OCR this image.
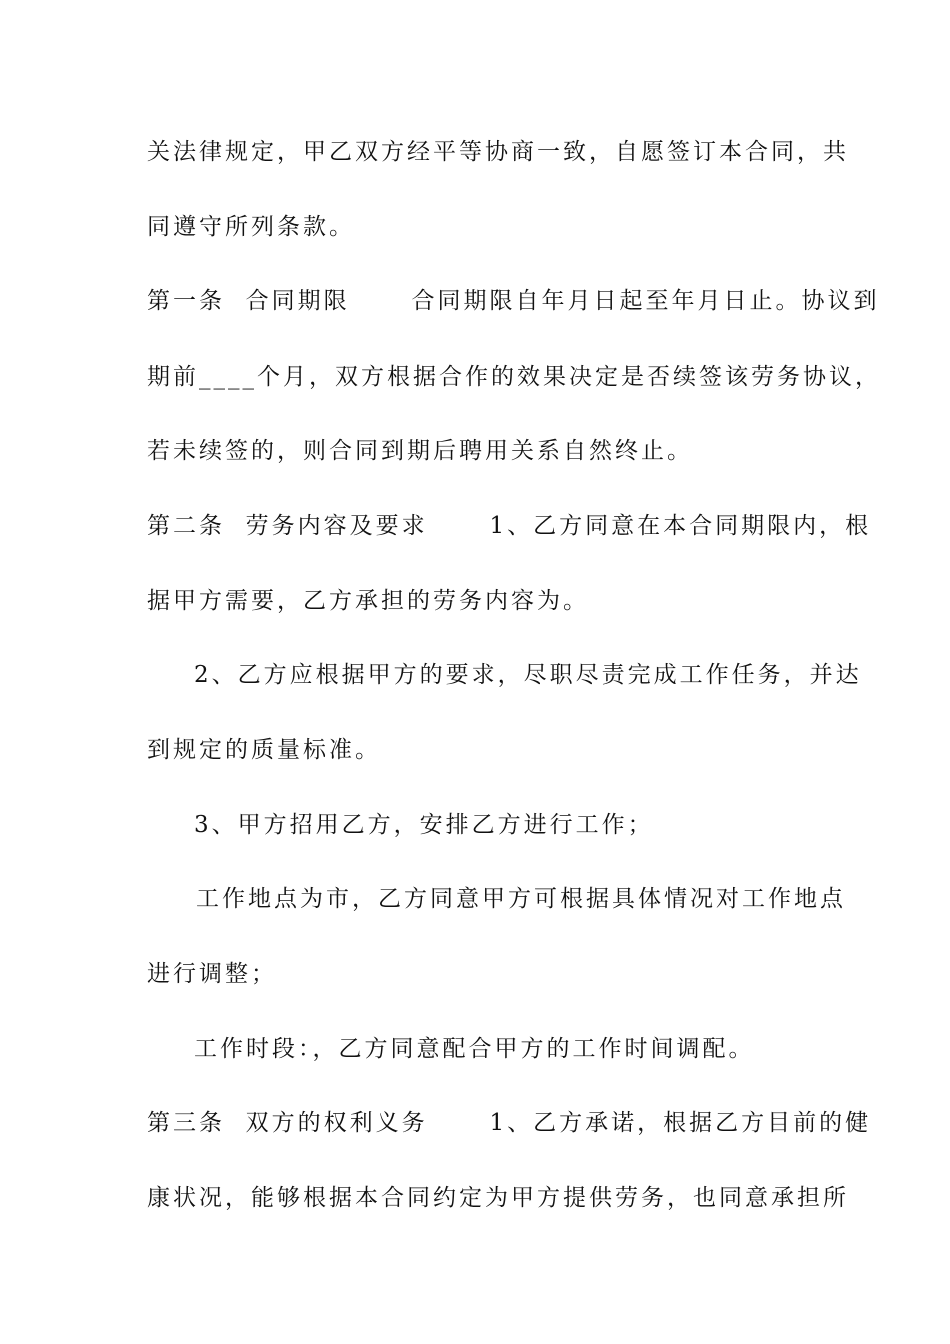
关法律规定，甲乙双方经平等协商一致，自愿签订本合同，共
同遵守所列条款。
第一条  合同期限      合同期限自年月日起至年月日止。协议到
期前____个月，双方根据合作的效果决定是否续签该劳务协议，
若未续签的，则合同到期后聘用关系自然终止。
第二条  劳务内容及要求      1、乙方同意在本合同期限内，根
据甲方需要，乙方承担的劳务内容为。
2、乙方应根据甲方的要求，尽职尽责完成工作任务，并达
到规定的质量标准。
3、甲方招用乙方，安排乙方进行工作；
工作地点为市，乙方同意甲方可根据具体情况对工作地点
进行调整；
工作时段：，乙方同意配合甲方的工作时间调配。
第三条  双方的权利义务      1、乙方承诺，根据乙方目前的健
康状况，能够根据本合同约定为甲方提供劳务，也同意承担所
